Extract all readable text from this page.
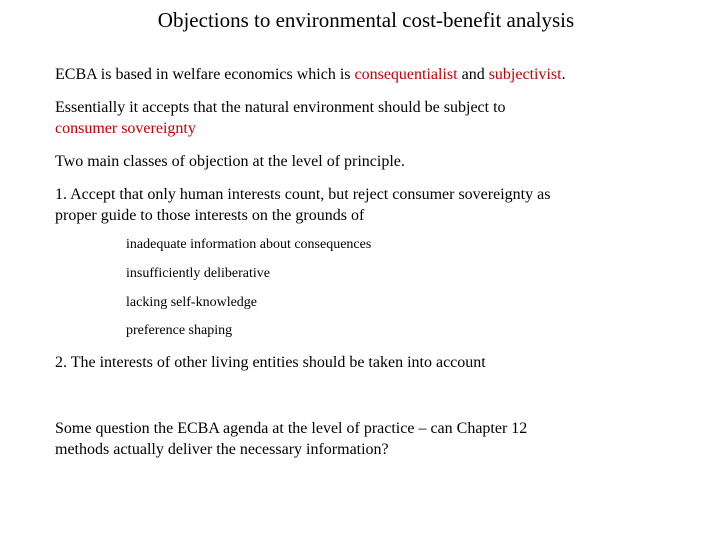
Objections to environmental cost-benefit analysis
ECBA is based in welfare economics which is consequentialist and subjectivist.
Essentially it accepts that the natural environment should be subject to
consumer sovereignty
Two main classes of objection at the level of principle.
1. Accept that only human interests count, but reject consumer sovereignty as
proper guide to those interests on the grounds of
inadequate information about consequences
insufficiently deliberative
lacking self-knowledge
preference shaping
2. The interests of other living entities should be taken into account
Some question the ECBA agenda at the level of practice – can Chapter 12
methods actually deliver the necessary information?
